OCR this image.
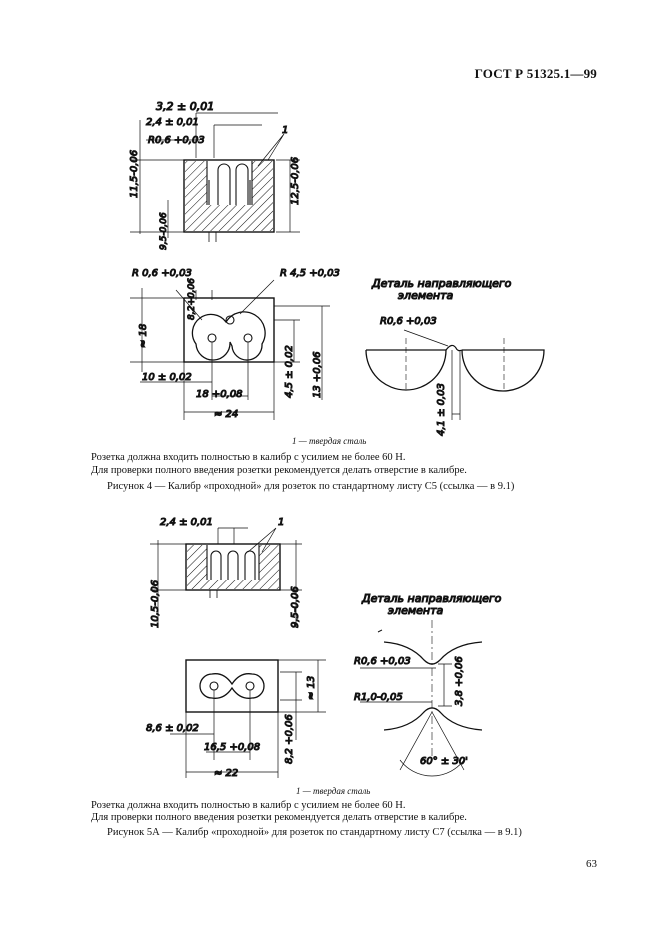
ГОСТ Р 51325.1—99
3,2 ± 0,01
2,4 ± 0,01
R0,6 +0,03
11,5-0,06	12,5-0,06
9,5-0,06
1
R 0,6 +0,03	R 4,5 +0,03
8,2+0,06
≈ 18
10 ± 0,02
18 +0,08
≈ 24
4,5 ± 0,02 13 +0,06
Деталь направляющего
элемента
R0,6 +0,03
4,1 ± 0,03
2,4 ± 0,01	1
10,5-0,06	9,5-0,06
≈ 13
8,6 ± 0,02	8,2 +0,06
16,5 +0,08
≈ 22
Деталь направляющего
элемента
R0,6 +0,03
R1,0-0,05	3,8 +0,06
60° ± 30'
1 — твердая сталь
Розетка должна входить полностью в калибр с усилием не более 60 Н.
Для проверки полного введения розетки рекомендуется делать отверстие в калибре.
Рисунок 4 — Калибр «проходной» для розеток по стандартному листу С5 (ссылка — в 9.1)
1 — твердая сталь
Розетка должна входить полностью в калибр с усилием не более 60 Н.
Для проверки полного введения розетки рекомендуется делать отверстие в калибре.
Рисунок 5А — Калибр «проходной» для розеток по стандартному листу С7 (ссылка — в 9.1)
63
